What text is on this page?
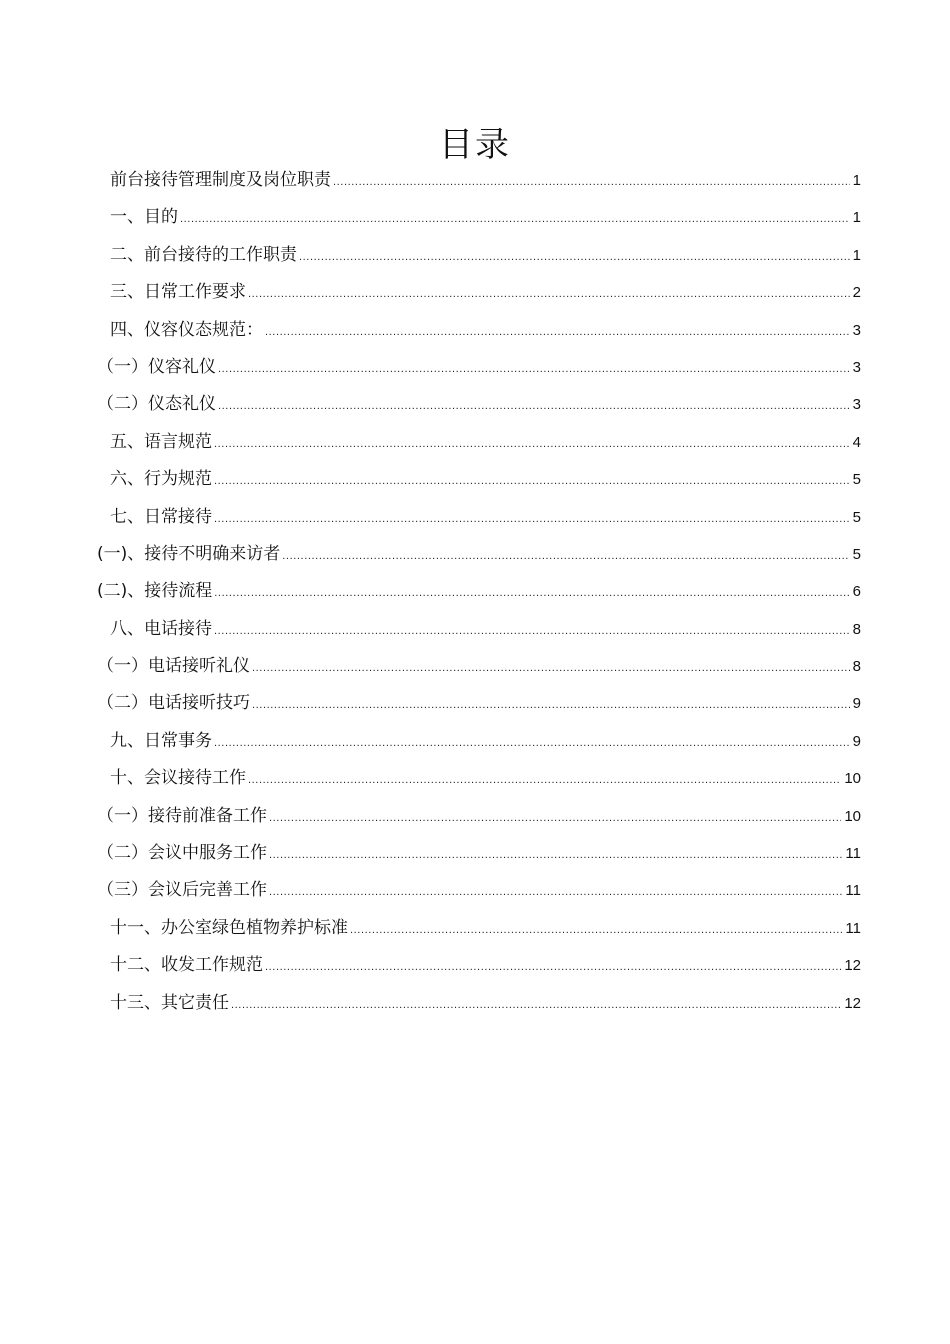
目录
前台接待管理制度及岗位职责 .....	1
一、目的 .....	1
二、前台接待的工作职责 .....	1
三、日常工作要求 .....	2
四、仪容仪态规范： .....	3
（一）仪容礼仪 .....	3
（二）仪态礼仪 .....	3
五、语言规范 .....	4
六、行为规范 .....	5
七、日常接待 .....	5
(一)、接待不明确来访者 .....	5
(二)、接待流程 .....	6
八、电话接待 .....	8
（一）电话接听礼仪 .....	8
（二）电话接听技巧 .....	9
九、日常事务 .....	9
十、会议接待工作 .....	10
（一）接待前准备工作 .....	10
（二）会议中服务工作 .....	11
（三）会议后完善工作 .....	11
十一、办公室绿色植物养护标准 .....	11
十二、收发工作规范 .....	12
十三、其它责任 .....	12
